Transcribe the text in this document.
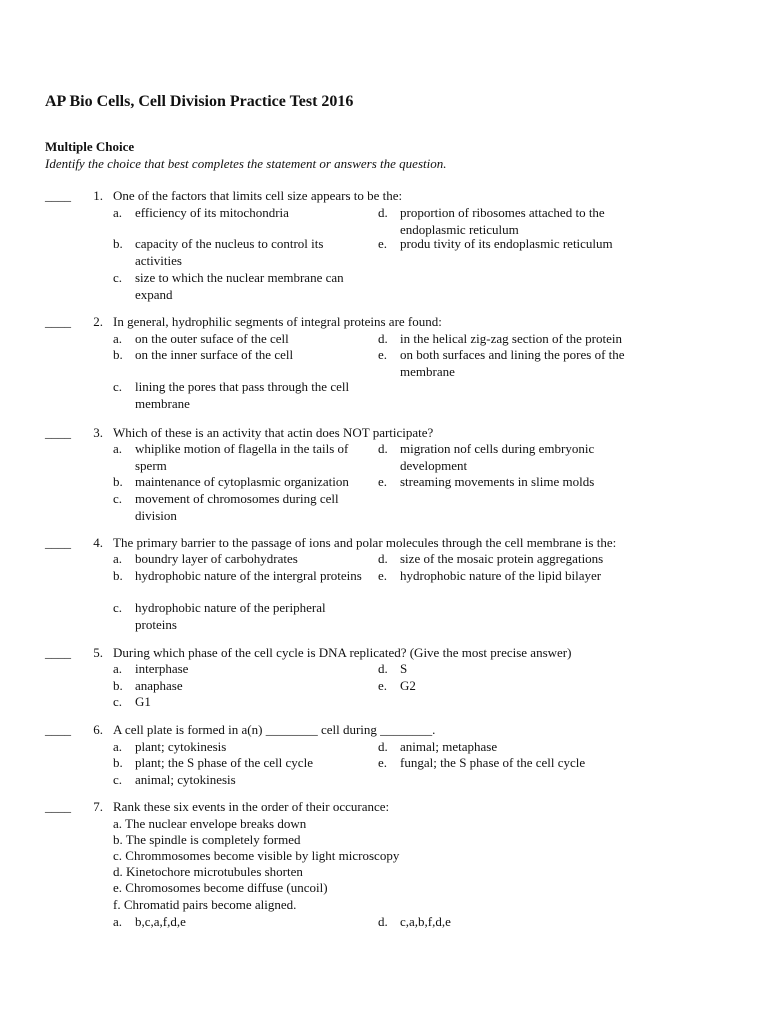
AP Bio Cells, Cell Division Practice Test 2016
Multiple Choice
Identify the choice that best completes the statement or answers the question.
____	1. One of the factors that limits cell size appears to be the:
a. efficiency of its mitochondria
b. capacity of the nucleus to control its activities
c. size to which the nuclear membrane can expand
d. proportion of ribosomes attached to the endoplasmic reticulum
e. produ tivity of its endoplasmic reticulum
____	2. In general, hydrophilic segments of integral proteins are found:
a. on the outer suface of the cell
b. on the inner surface of the cell
c. lining the pores that pass through the cell membrane
d. in the helical zig-zag section of the protein
e. on both surfaces and lining the pores of the membrane
____	3. Which of these is an activity that actin does NOT participate?
a. whiplike motion of flagella in the tails of sperm
b. maintenance of cytoplasmic organization
c. movement of chromosomes during cell division
d. migration nof cells during embryonic development
e. streaming movements in slime molds
____	4. The primary barrier to the passage of ions and polar molecules through the cell membrane is the:
a. boundry layer of carbohydrates
b. hydrophobic nature of the intergral proteins
c. hydrophobic nature of the peripheral proteins
d. size of the mosaic protein aggregations
e. hydrophobic nature of the lipid bilayer
____	5. During which phase of the cell cycle is DNA replicated? (Give the most precise answer)
a. interphase
b. anaphase
c. G1
d. S
e. G2
____	6. A cell plate is formed in a(n) ________ cell during ________.
a. plant; cytokinesis
b. plant; the S phase of the cell cycle
c. animal; cytokinesis
d. animal; metaphase
e. fungal; the S phase of the cell cycle
____	7. Rank these six events in the order of their occurance:
a. The nuclear envelope breaks down
b. The spindle is completely formed
c. Chrommosomes become visible by light microscopy
d. Kinetochore microtubules shorten
e. Chromosomes become diffuse (uncoil)
f. Chromatid pairs become aligned.
a. b,c,a,f,d,e	d. c,a,b,f,d,e
